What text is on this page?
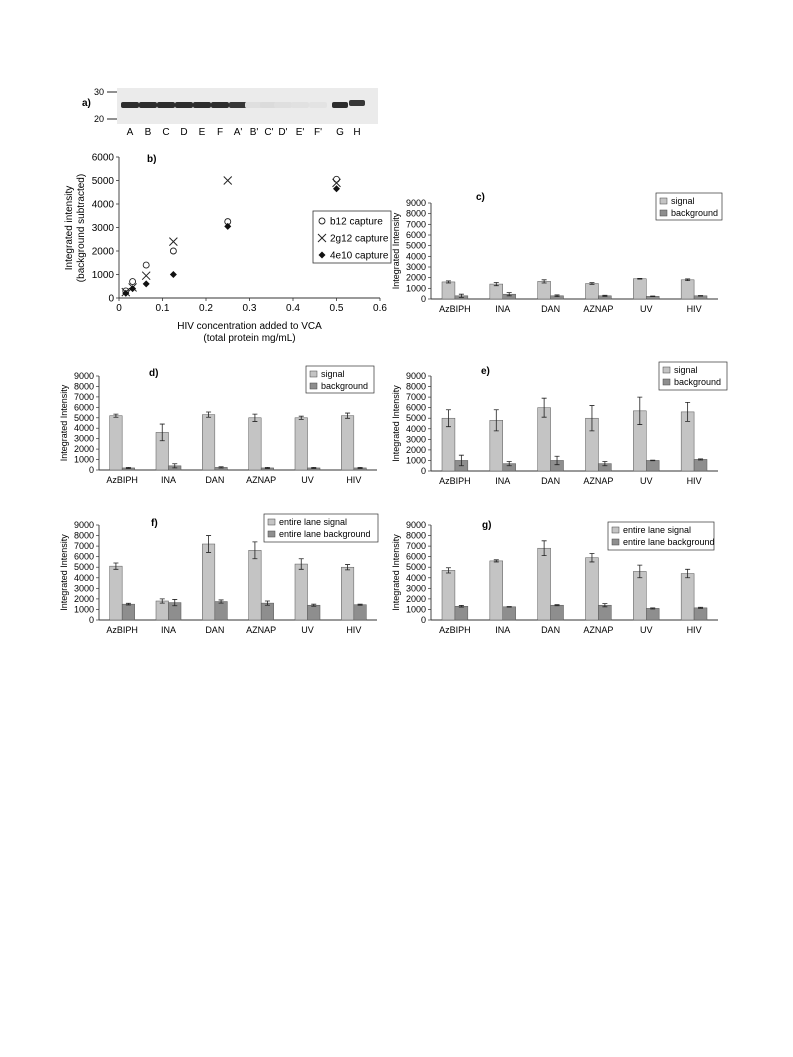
a)
30
20
A B C D E F A' B' C' D' E' F' G H
b)
0
1000
2000
3000
4000
5000
6000
0	0.1	0.2	0.3	0.4	0.5	0.6
HIV concentration added to VCA
(total protein mg/mL)
Integrated intensity (background subtracted)	b12 capture
2g12 capture
4e10 capture
c)
0
1000
2000
3000
4000
5000
6000
7000
8000
9000
Integrated Intensity
AzBIPH	INA	DAN	AZNAP	UV	HIV
signal
background
d)
0
1000
2000
3000
4000
5000
6000
7000
8000
9000
Integrated Intensity
AzBIPH	INA	DAN AZNAP	UV	HIV
signal
background
e)
0
1000
2000
3000
4000
5000
6000
7000
8000
9000
Integrated Intensity
AzBIPH	INA	DAN	AZNAP	UV	HIV
signal
background
f)
0
1000
2000
3000
4000
5000
6000
7000
8000
9000
Integrated Intensity
AzBIPH	INA	DAN AZNAP	UV	HIV
entire lane signal
entire lane background
g)
0
1000
2000
3000
4000
5000
6000
7000
8000
9000
Integrated Intensity
AzBIPH	INA	DAN	AZNAP	UV	HIV
entire lane signal
entire lane background
